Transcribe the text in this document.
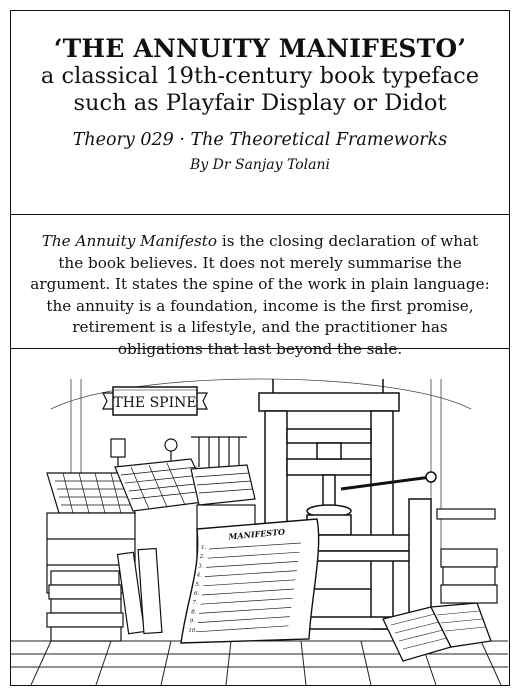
‘THE ANNUITY MANIFESTO’

a classical 19th-century book typeface

such as Playfair Display or Didot

Theory 029 · The Theoretical Frameworks

By Dr Sanjay Tolani

The Annuity Manifesto is the closing declaration of what the book believes. It does not merely summarise the argument. It states the spine of the work in plain language: the annuity is a foundation, income is the first promise, retirement is a lifestyle, and the practitioner has obligations that last beyond the sale.
THE SPINE
MANIFESTO
1.
2.
3.
4.
5.
6.
7.
8.
9.
10.
